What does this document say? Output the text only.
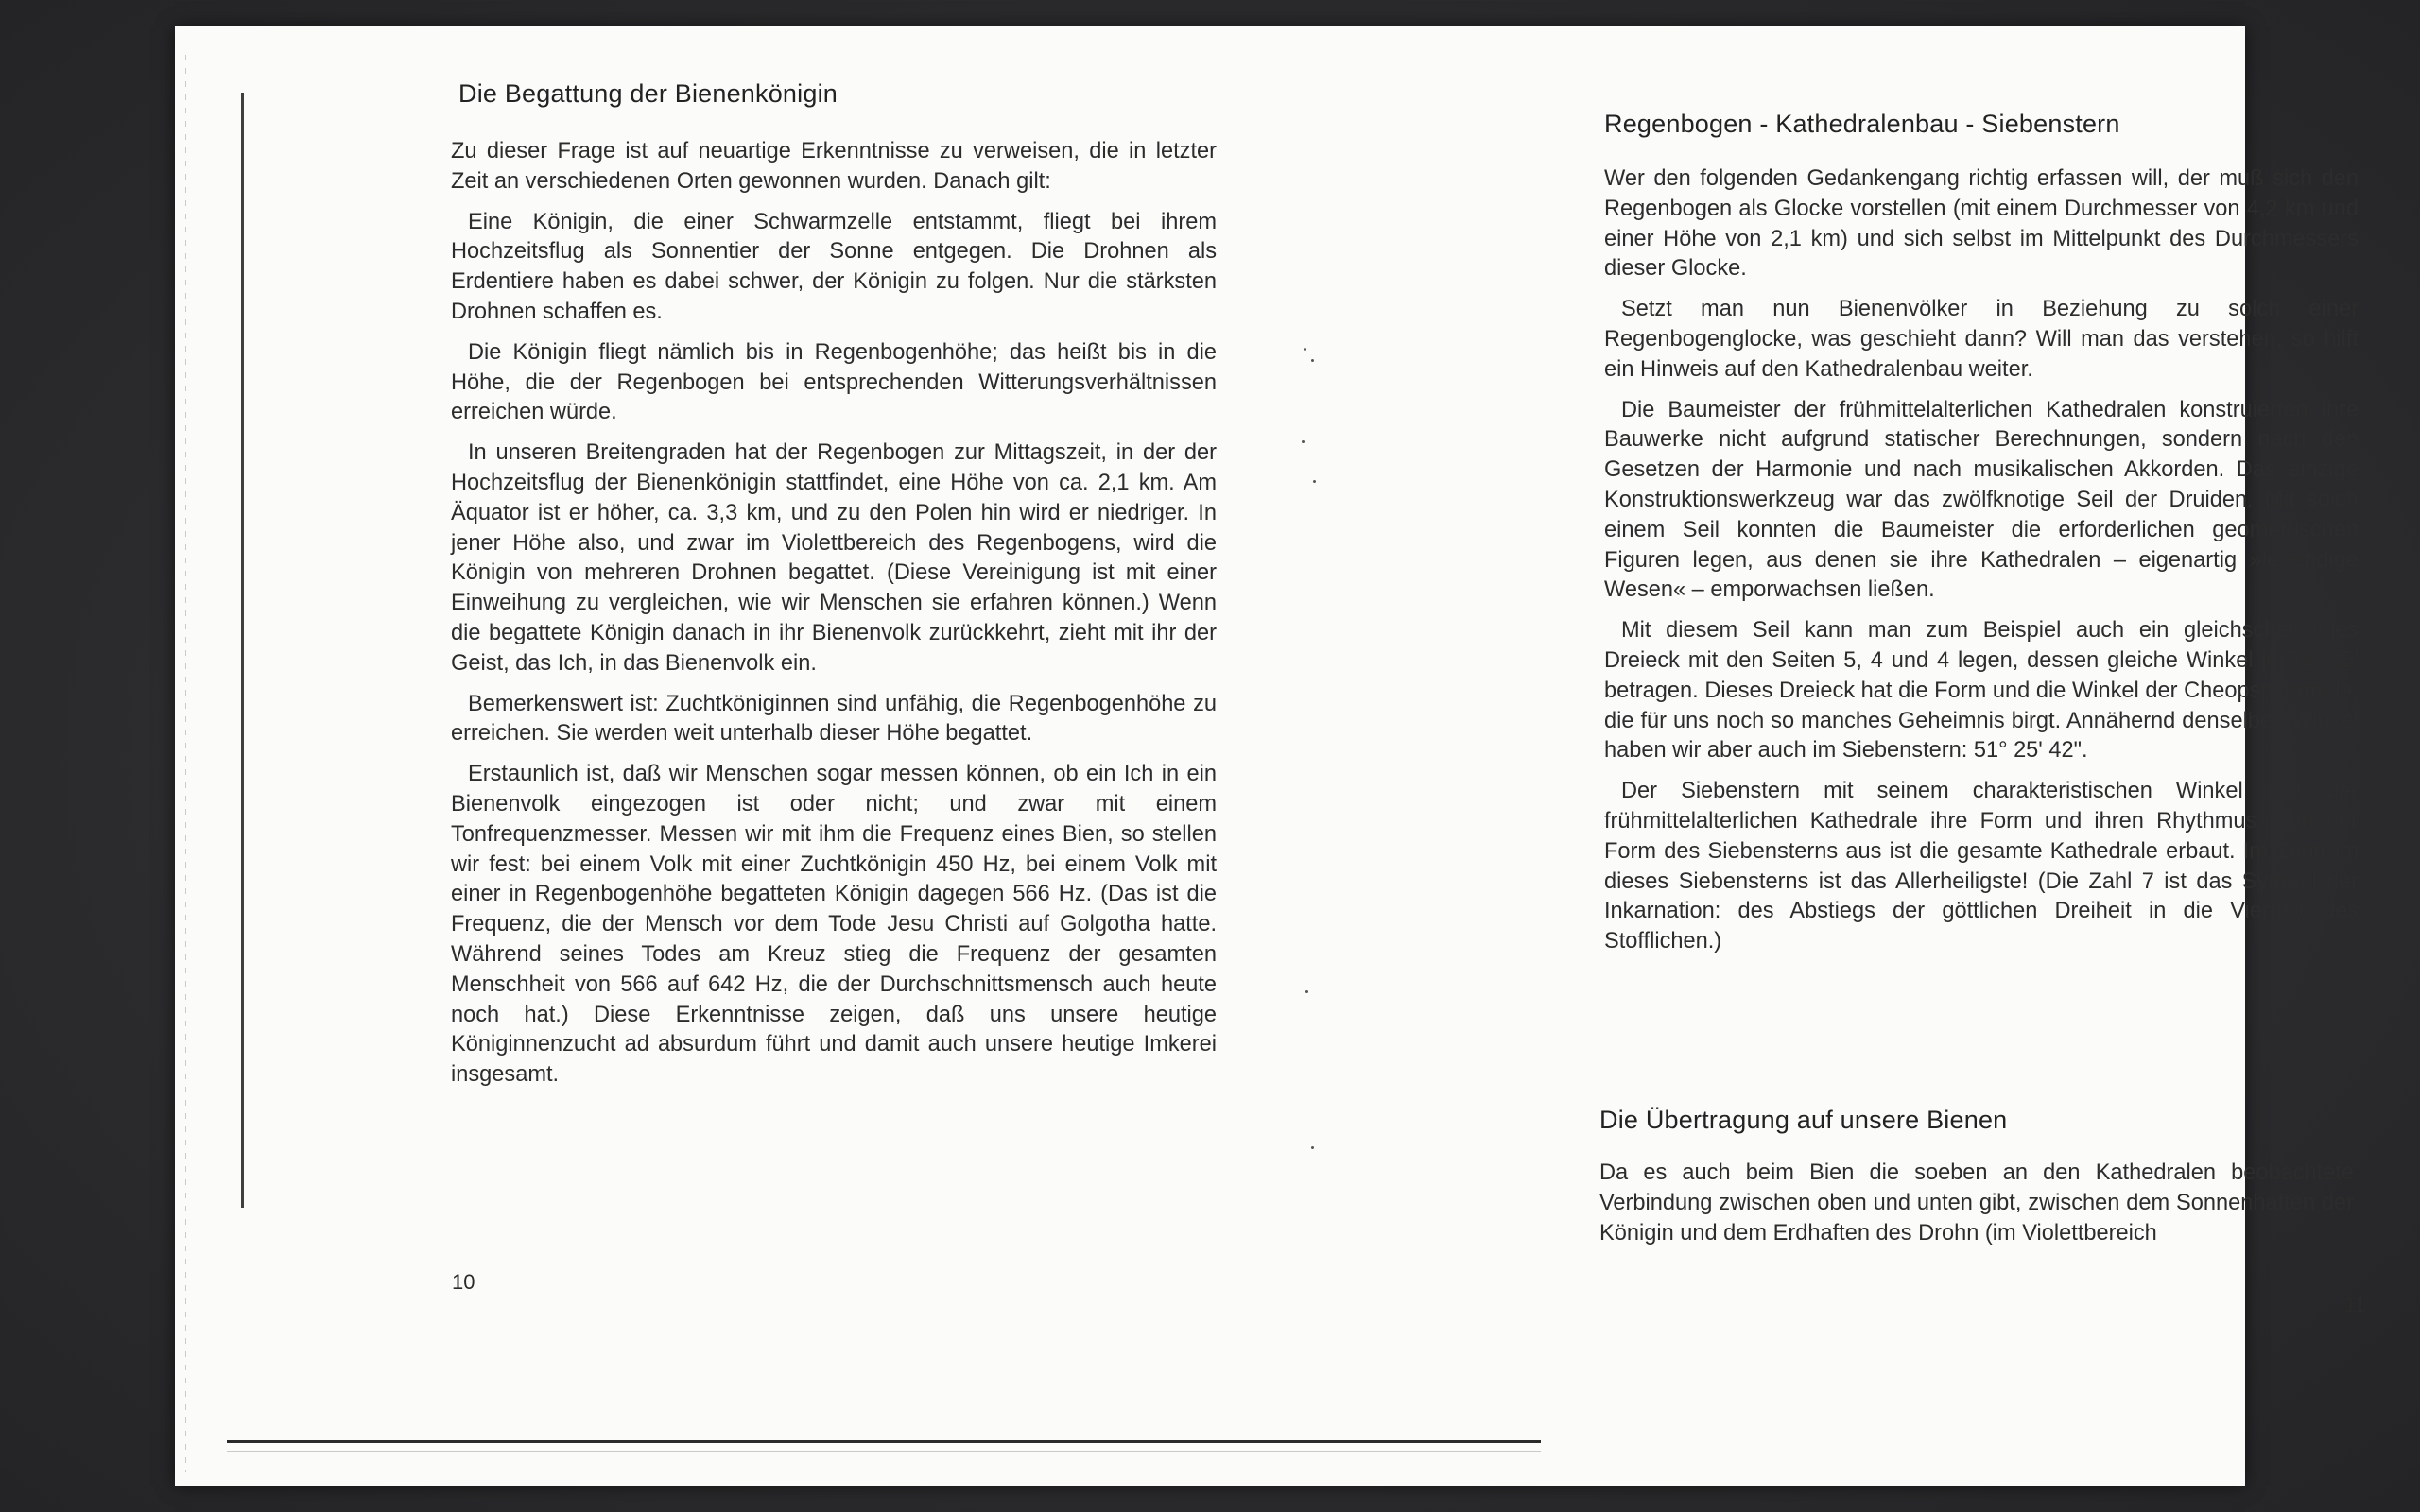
Die Begattung der Bienenkönigin

Zu dieser Frage ist auf neuartige Erkenntnisse zu verweisen, die in letzter Zeit an verschiedenen Orten gewonnen wurden. Danach gilt:

Eine Königin, die einer Schwarmzelle entstammt, fliegt bei ihrem Hochzeitsflug als Sonnentier der Sonne entgegen. Die Drohnen als Erdentiere haben es dabei schwer, der Königin zu folgen. Nur die stärksten Drohnen schaffen es.

Die Königin fliegt nämlich bis in Regenbogenhöhe; das heißt bis in die Höhe, die der Regenbogen bei entsprechenden Witterungsverhältnissen erreichen würde.

In unseren Breitengraden hat der Regenbogen zur Mittagszeit, in der der Hochzeitsflug der Bienenkönigin stattfindet, eine Höhe von ca. 2,1 km. Am Äquator ist er höher, ca. 3,3 km, und zu den Polen hin wird er niedriger. In jener Höhe also, und zwar im Violettbereich des Regenbogens, wird die Königin von mehreren Drohnen begattet. (Diese Vereinigung ist mit einer Einweihung zu vergleichen, wie wir Menschen sie erfahren können.) Wenn die begattete Königin danach in ihr Bienenvolk zurückkehrt, zieht mit ihr der Geist, das Ich, in das Bienenvolk ein.

Bemerkenswert ist: Zuchtköniginnen sind unfähig, die Regenbogenhöhe zu erreichen. Sie werden weit unterhalb dieser Höhe begattet.

Erstaunlich ist, daß wir Menschen sogar messen können, ob ein Ich in ein Bienenvolk eingezogen ist oder nicht; und zwar mit einem Tonfrequenzmesser. Messen wir mit ihm die Frequenz eines Bien, so stellen wir fest: bei einem Volk mit einer Zuchtkönigin 450 Hz, bei einem Volk mit einer in Regenbogenhöhe begatteten Königin dagegen 566 Hz. (Das ist die Frequenz, die der Mensch vor dem Tode Jesu Christi auf Golgotha hatte. Während seines Todes am Kreuz stieg die Frequenz der gesamten Menschheit von 566 auf 642 Hz, die der Durchschnittsmensch auch heute noch hat.) Diese Erkenntnisse zeigen, daß uns unsere heutige Königinnenzucht ad absurdum führt und damit auch unsere heutige Imkerei insgesamt.

10
Regenbogen - Kathedralenbau - Siebenstern

Wer den folgenden Gedankengang richtig erfassen will, der muß sich den Regenbogen als Glocke vorstellen (mit einem Durchmesser von 4,2 km und einer Höhe von 2,1 km) und sich selbst im Mittelpunkt des Durchmessers dieser Glocke.

Setzt man nun Bienenvölker in Beziehung zu solch einer Regenbogenglocke, was geschieht dann? Will man das verstehen, so hilft ein Hinweis auf den Kathedralenbau weiter.

Die Baumeister der frühmittelalterlichen Kathedralen konstruierten ihre Bauwerke nicht aufgrund statischer Berechnungen, sondern nach den Gesetzen der Harmonie und nach musikalischen Akkorden. Das einzige Konstruktionswerkzeug war das zwölfknotige Seil der Druiden. Mit solch einem Seil konnten die Baumeister die erforderlichen geometrischen Figuren legen, aus denen sie ihre Kathedralen – eigenartig »lebendige Wesen« – emporwachsen ließen.

Mit diesem Seil kann man zum Beispiel auch ein gleichschenkliges Dreieck mit den Seiten 5, 4 und 4 legen, dessen gleiche Winkel je 51° 25' betragen. Dieses Dreieck hat die Form und die Winkel der Cheopspyramide, die für uns noch so manches Geheimnis birgt. Annähernd denselben Winkel haben wir aber auch im Siebenstern: 51° 25' 42".

Der Siebenstern mit seinem charakteristischen Winkel gibt der frühmittelalterlichen Kathedrale ihre Form und ihren Rhythmus. Von der Form des Siebensterns aus ist die gesamte Kathedrale erbaut. Im Zentrum dieses Siebensterns ist das Allerheiligste! (Die Zahl 7 ist das Symbol der Inkarnation: des Abstiegs der göttlichen Dreiheit in die Vierheit des Stofflichen.)

Die Übertragung auf unsere Bienen

Da es auch beim Bien die soeben an den Kathedralen beobachtete Verbindung zwischen oben und unten gibt, zwischen dem Sonnenhaften der Königin und dem Erdhaften des Drohn (im Violettbereich

11
